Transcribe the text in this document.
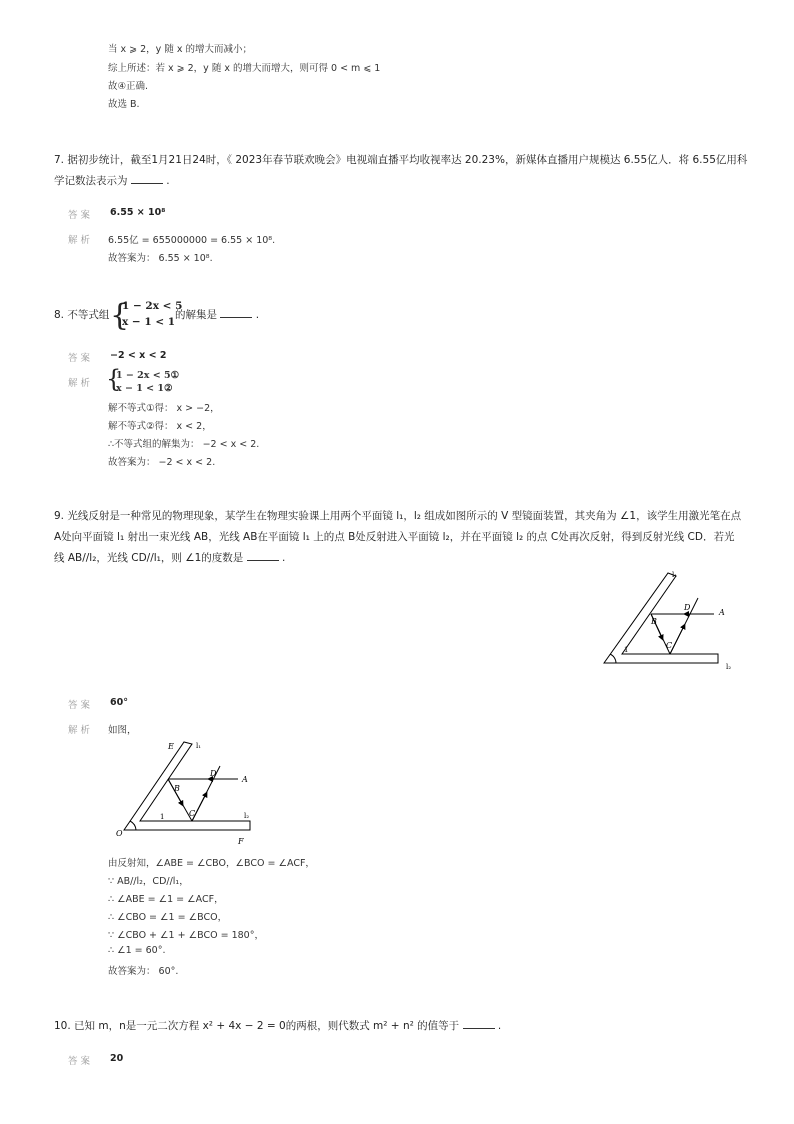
当 x ⩾ 2，y 随 x 的增大而减小；
综上所述：若 x ⩾ 2，y 随 x 的增大而增大，则可得 0 < m ⩽ 1
故④正确.
故选 B.
7. 据初步统计，截至1月21日24时，《 2023年春节联欢晚会》电视端直播平均收视率达 20.23%，新媒体直播用户规模达 6.55亿人．将 6.55亿用科
学记数法表示为	.
答案 6.55 × 10⁸
解析 6.55亿 = 655000000 = 6.55 × 10⁸.
故答案为： 6.55 × 10⁸.
8. 不等式组 {
1 − 2x < 5
x − 1 < 1
的解集是	.
答案 −2 < x < 2
解析 {
1 − 2x < 5①
x − 1 < 1②
解不等式①得： x > −2，
解不等式②得： x < 2，
∴不等式组的解集为： −2 < x < 2.
故答案为： −2 < x < 2.
9. 光线反射是一种常见的物理现象，某学生在物理实验课上用两个平面镜 l₁，l₂ 组成如图所示的 V 型镜面装置，其夹角为 ∠1，该学生用激光笔在点
A处向平面镜 l₁ 射出一束光线 AB，光线 AB在平面镜 l₁ 上的点 B处反射进入平面镜 l₂，并在平面镜 l₂ 的点 C处再次反射，得到反射光线 CD．若光
线 AB//l₂，光线 CD//l₁，则 ∠1的度数是	.
l₁
A
D
B
C
1
l₂
答案 60°
解析 如图，
E	l₁
A
D
B
C
1	l₂
O
F
由反射知，∠ABE = ∠CBO，∠BCO = ∠ACF，
∵ AB//l₂，CD//l₁，
∴ ∠ABE = ∠1 = ∠ACF，
∴ ∠CBO = ∠1 = ∠BCO，
∵ ∠CBO + ∠1 + ∠BCO = 180°，
∴ ∠1 = 60°.
故答案为： 60°.
10. 已知 m，n是一元二次方程 x² + 4x − 2 = 0的两根，则代数式 m² + n² 的值等于	.
答案 20
